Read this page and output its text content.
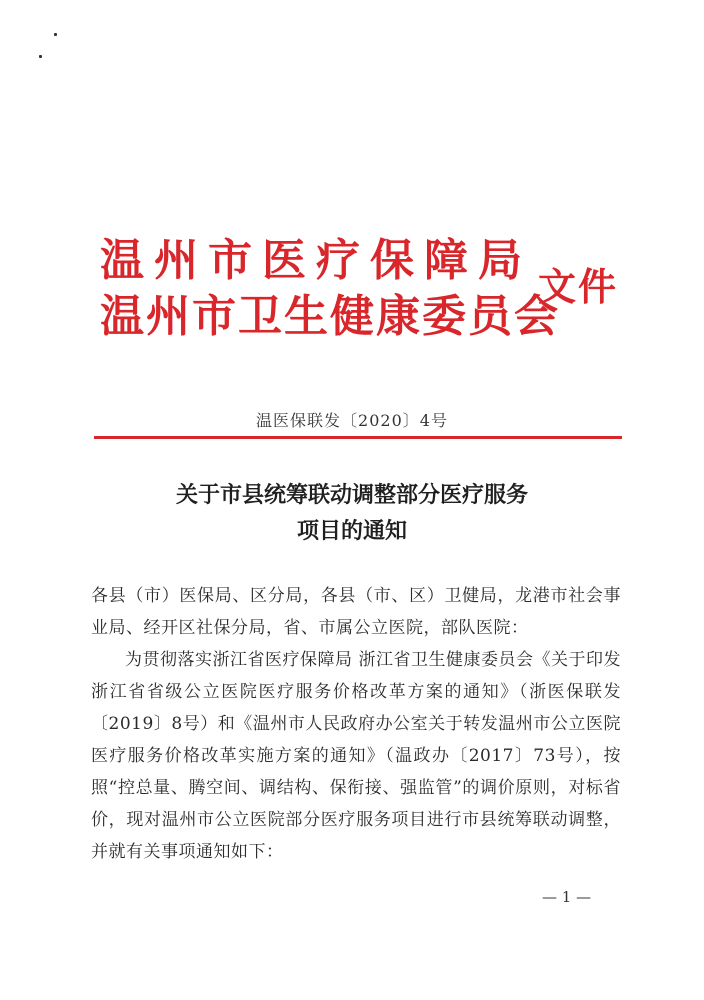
温州市医疗保障局
温州市卫生健康委员会
文件
温医保联发〔2020〕4号
关于市县统筹联动调整部分医疗服务
项目的通知

各县（市）医保局、区分局，各县（市、区）卫健局，龙港市社会事业局、经开区社保分局，省、市属公立医院，部队医院：

为贯彻落实浙江省医疗保障局 浙江省卫生健康委员会《关于印发浙江省省级公立医院医疗服务价格改革方案的通知》（浙医保联发〔2019〕8号）和《温州市人民政府办公室关于转发温州市公立医院医疗服务价格改革实施方案的通知》（温政办〔2017〕73号），按照“控总量、腾空间、调结构、保衔接、强监管”的调价原则，对标省价，现对温州市公立医院部分医疗服务项目进行市县统筹联动调整，并就有关事项通知如下：

— 1 —
